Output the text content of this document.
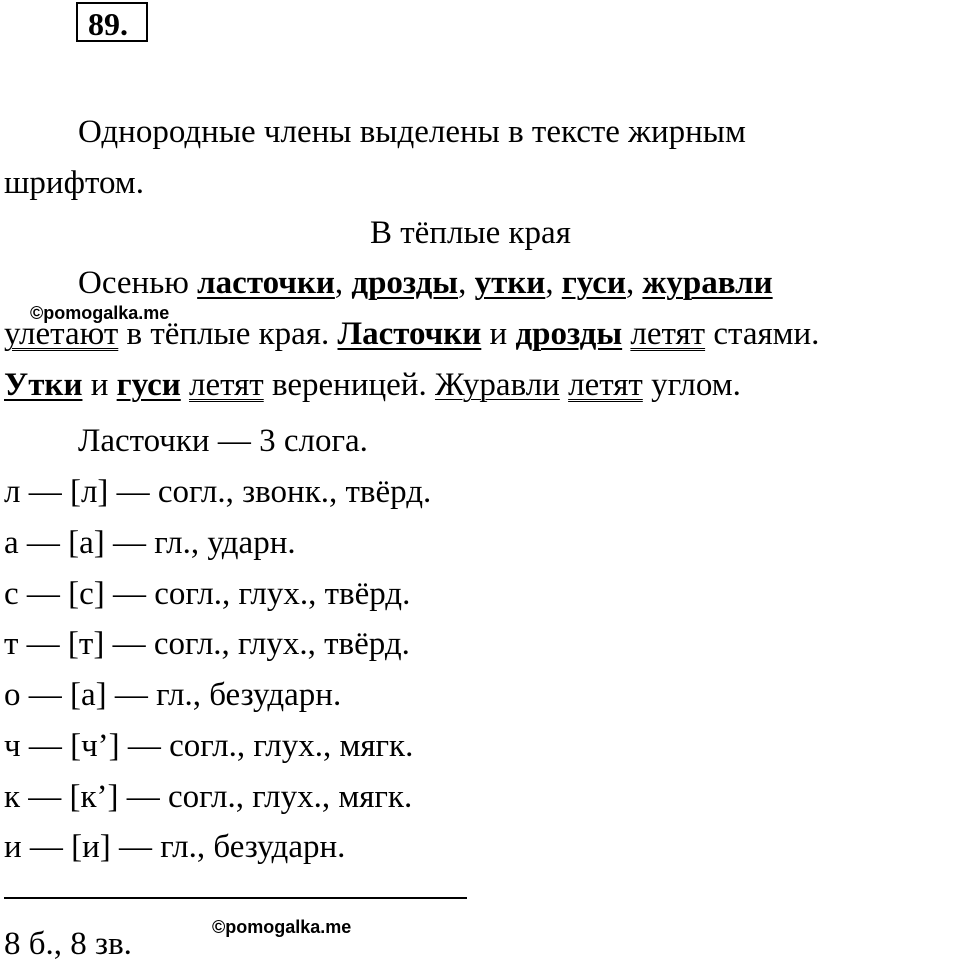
89.
Однородные члены выделены в тексте жирным
шрифтом.
В тёплые края
Осенью ласточки, дрозды, утки, гуси, журавли
©pomogalka.me
улетают в тёплые края. Ласточки и дрозды летят стаями.
Утки и гуси летят вереницей. Журавли летят углом.
Ласточки — 3 слога.
л — [л] — согл., звонк., твёрд.
а — [а] — гл., ударн.
с — [с] — согл., глух., твёрд.
т — [т] — согл., глух., твёрд.
о — [а] — гл., безударн.
ч — [ч’] — согл., глух., мягк.
к — [к’] — согл., глух., мягк.
и — [и] — гл., безударн.
©pomogalka.me
8 б., 8 зв.
